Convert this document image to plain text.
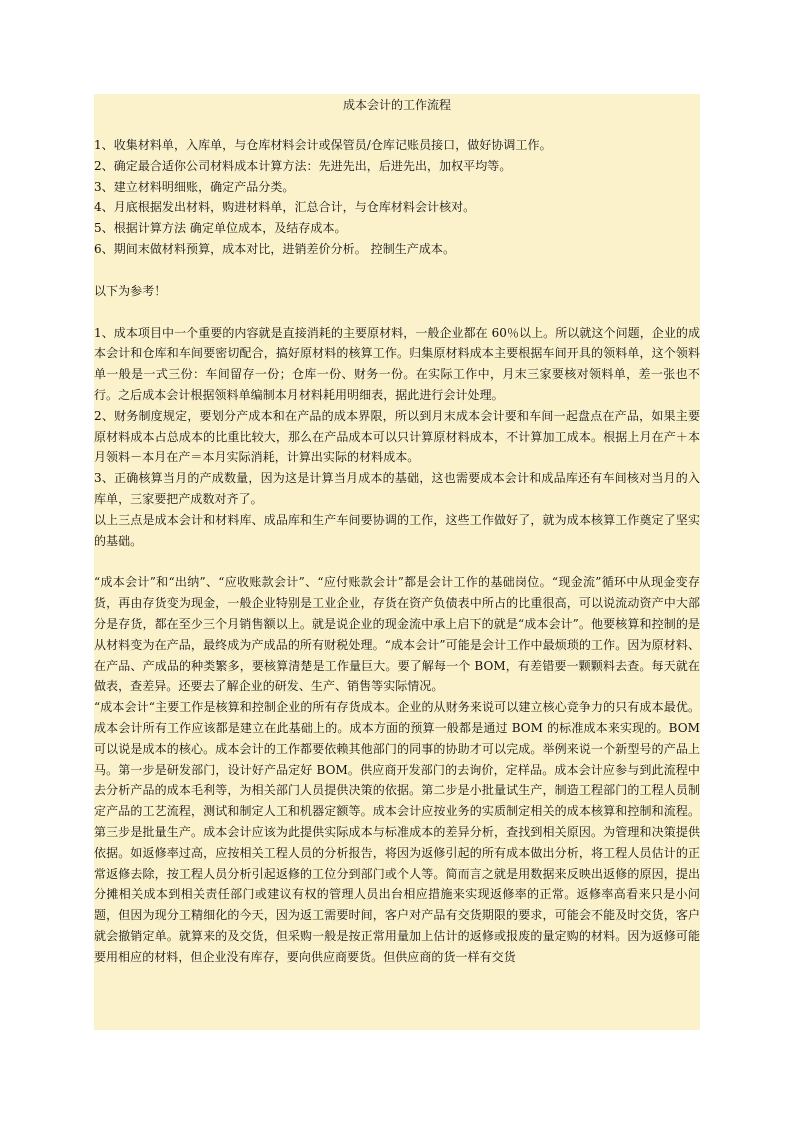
成本会计的工作流程

1、收集材料单，入库单，与仓库材料会计或保管员/仓库记账员接口，做好协调工作。

2、确定最合适你公司材料成本计算方法：先进先出，后进先出，加权平均等。

3、建立材料明细账，确定产品分类。

4、月底根据发出材料，购进材料单，汇总合计，与仓库材料会计核对。

5、根据计算方法 确定单位成本，及结存成本。

6、期间末做材料预算，成本对比，进销差价分析。 控制生产成本。

以下为参考！

1、成本项目中一个重要的内容就是直接消耗的主要原材料，一般企业都在 60％以上。所以就这个问题，企业的成本会计和仓库和车间要密切配合，搞好原材料的核算工作。归集原材料成本主要根据车间开具的领料单，这个领料单一般是一式三份：车间留存一份；仓库一份、财务一份。在实际工作中，月末三家要核对领料单，差一张也不行。之后成本会计根据领料单编制本月材料耗用明细表，据此进行会计处理。

2、财务制度规定，要划分产成本和在产品的成本界限，所以到月末成本会计要和车间一起盘点在产品，如果主要原材料成本占总成本的比重比较大，那么在产品成本可以只计算原材料成本，不计算加工成本。根据上月在产＋本月领料－本月在产＝本月实际消耗，计算出实际的材料成本。

3、正确核算当月的产成数量，因为这是计算当月成本的基础，这也需要成本会计和成品库还有车间核对当月的入库单，三家要把产成数对齐了。

以上三点是成本会计和材料库、成品库和生产车间要协调的工作，这些工作做好了，就为成本核算工作奠定了坚实 的基础。

“成本会计”和“出纳”、“应收账款会计”、“应付账款会计”都是会计工作的基础岗位。“现金流”循环中从现金变存货，再由存货变为现金，一般企业特别是工业企业，存货在资产负债表中所占的比重很高，可以说流动资产中大部分是存货，都在至少三个月销售额以上。就是说企业的现金流中承上启下的就是“成本会计”。他要核算和控制的是从材料变为在产品，最终成为产成品的所有财税处理。“成本会计”可能是会计工作中最烦琐的工作。因为原材料、在产品、产成品的种类繁多，要核算清楚是工作量巨大。要了解每一个 BOM，有差错要一颗颗料去查。每天就在做表，查差异。还要去了解企业的研发、生产、销售等实际情况。

“成本会计“主要工作是核算和控制企业的所有存货成本。企业的从财务来说可以建立核心竞争力的只有成本最优。成本会计所有工作应该都是建立在此基础上的。成本方面的预算一般都是通过 BOM 的标准成本来实现的。BOM 可以说是成本的核心。成本会计的工作都要依赖其他部门的同事的协助才可以完成。举例来说一个新型号的产品上马。第一步是研发部门，设计好产品定好 BOM。供应商开发部门的去询价，定样品。成本会计应参与到此流程中去分析产品的成本毛利等，为相关部门人员提供决策的依据。第二步是小批量试生产，制造工程部门的工程人员制定产品的工艺流程，测试和制定人工和机器定额等。成本会计应按业务的实质制定相关的成本核算和控制和流程。第三步是批量生产。成本会计应该为此提供实际成本与标准成本的差异分析，查找到相关原因。为管理和决策提供依据。如返修率过高，应按相关工程人员的分析报告，将因为返修引起的所有成本做出分析，将工程人员估计的正常返修去除，按工程人员分析引起返修的工位分到部门或个人等。简而言之就是用数据来反映出返修的原因，提出分摊相关成本到相关责任部门或建议有权的管理人员出台相应措施来实现返修率的正常。返修率高看来只是小问题，但因为现分工精细化的今天，因为返工需要时间，客户对产品有交货期限的要求，可能会不能及时交货，客户就会撤销定单。就算来的及交货，但采购一般是按正常用量加上估计的返修或报废的量定购的材料。因为返修可能要用相应的材料，但企业没有库存，要向供应商要货。但供应商的货一样有交货
